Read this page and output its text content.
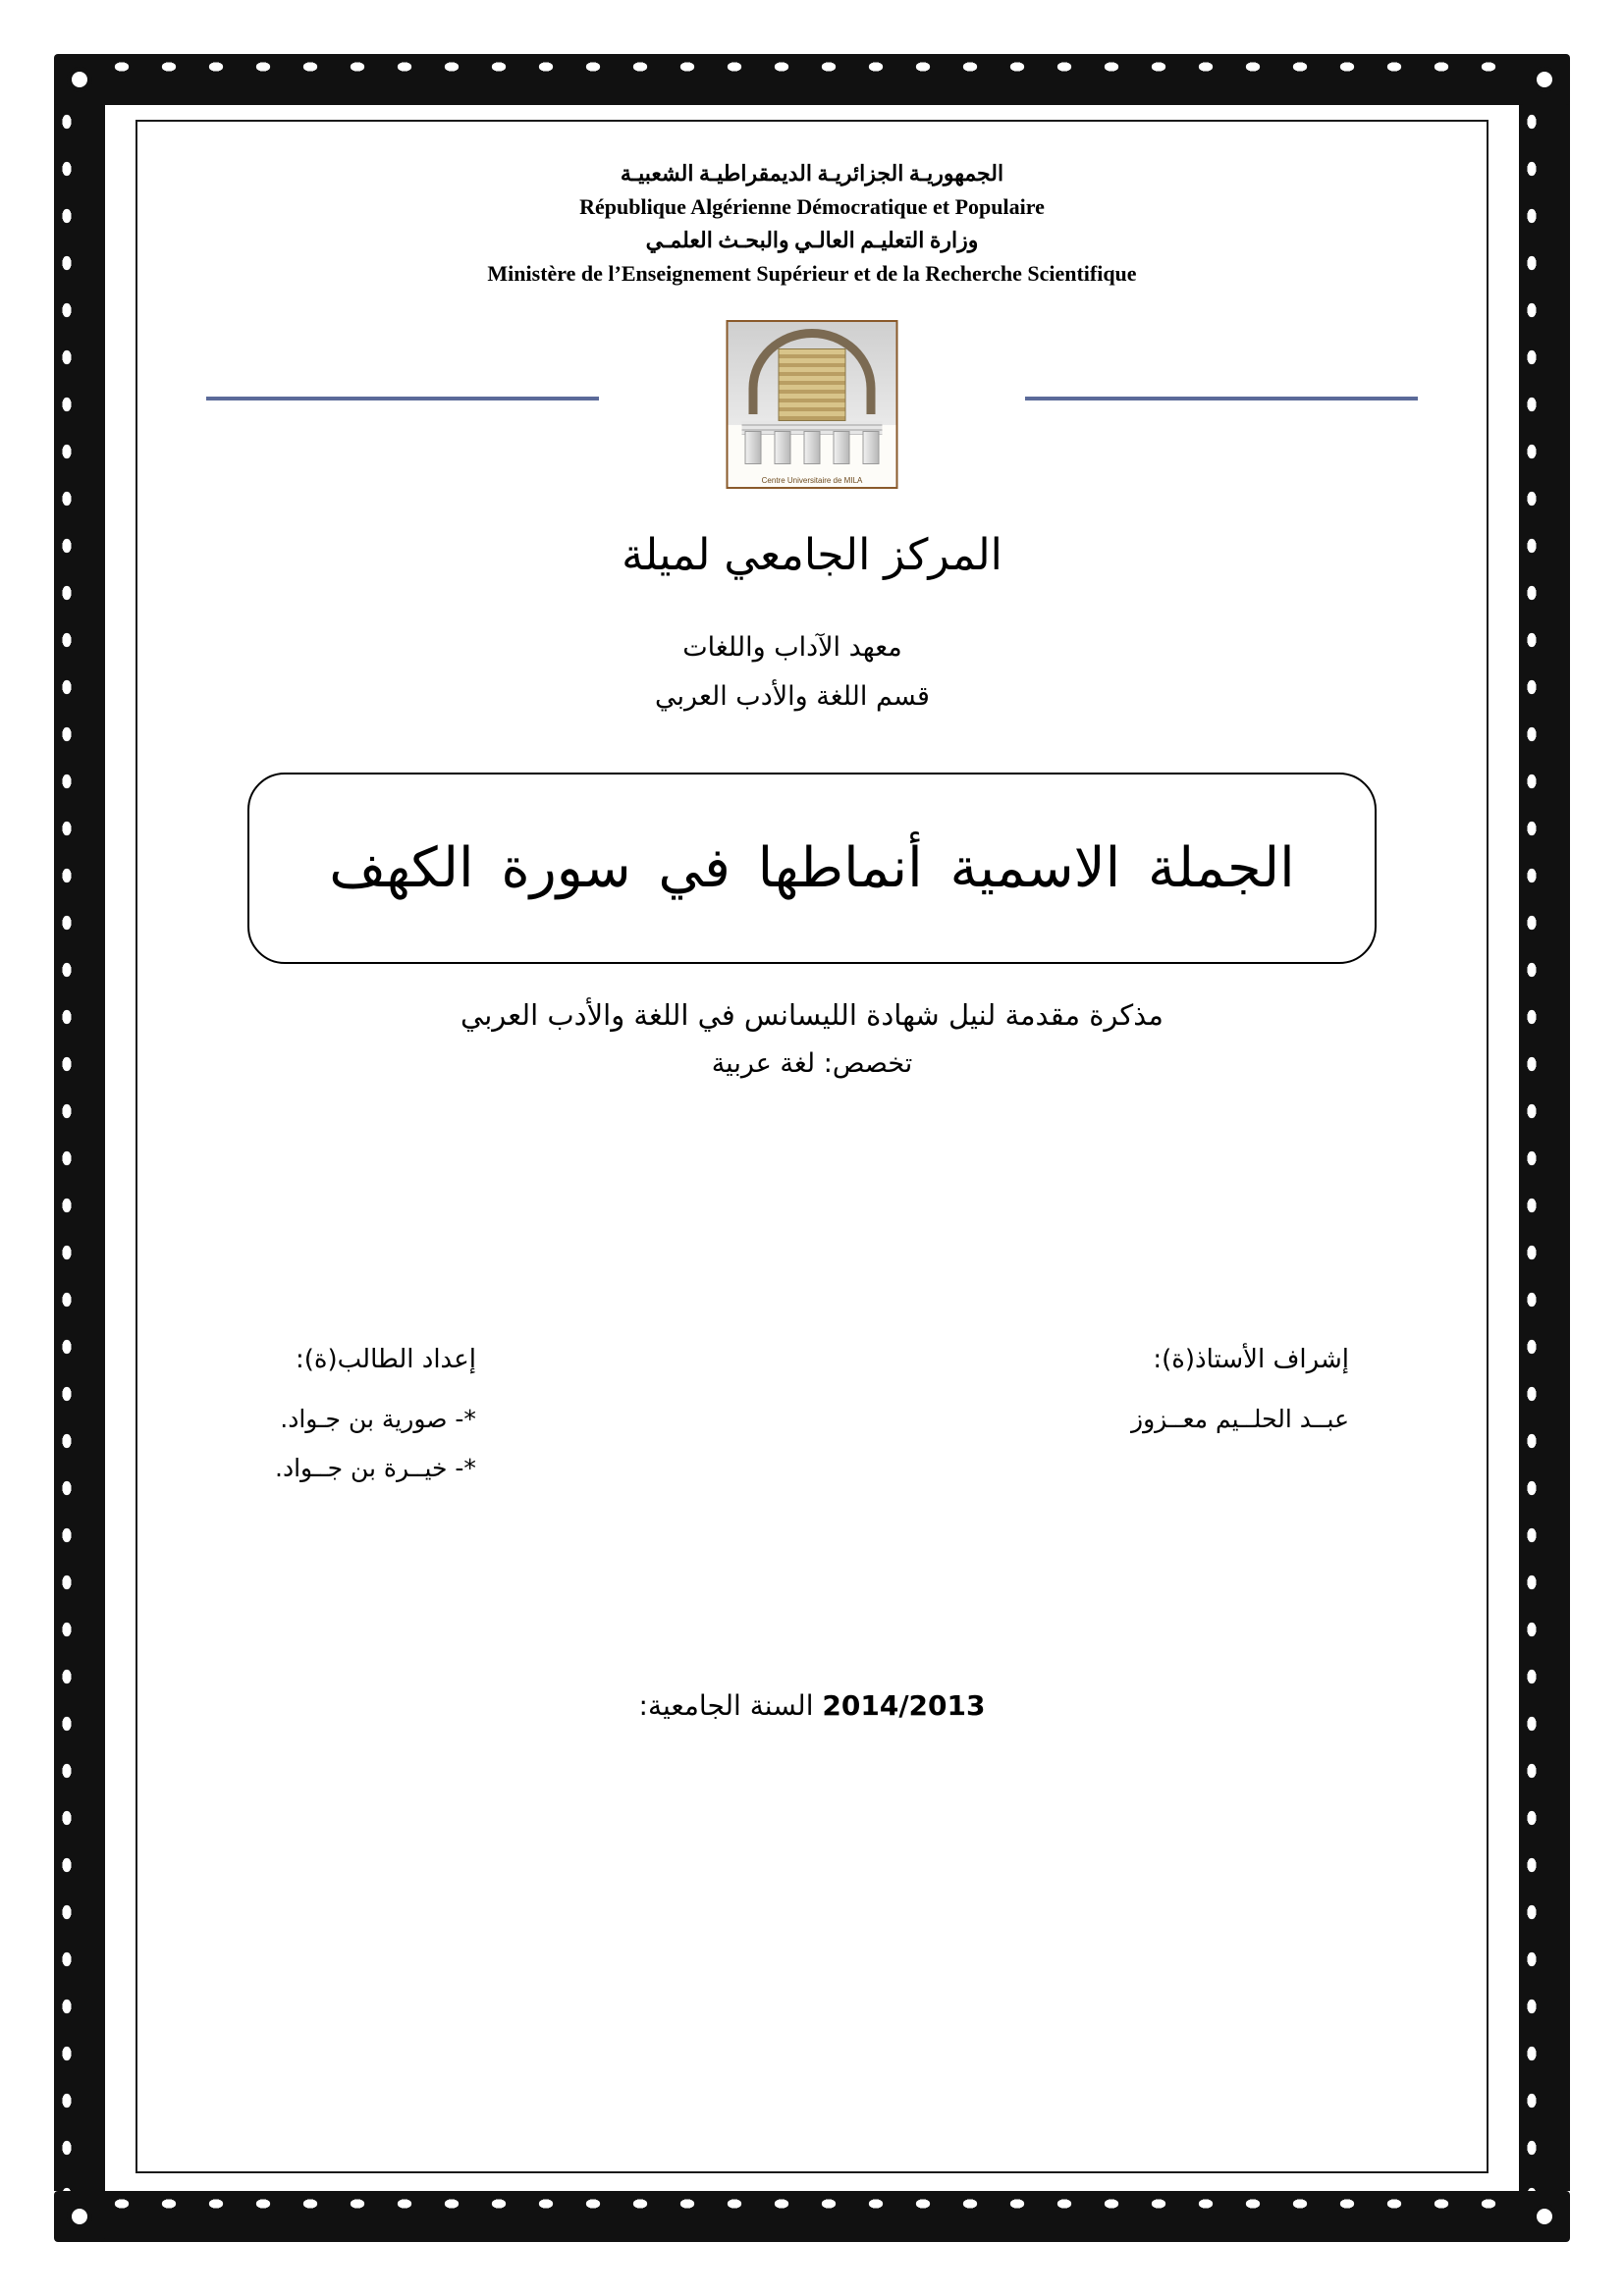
الجمهوريـة الجزائريـة الديمقراطيـة الشعبيـة
République Algérienne Démocratique et Populaire
وزارة التعليـم العالـي والبحـث العلمـي
Ministère de l’Enseignement Supérieur et de la Recherche Scientifique
Centre Universitaire de MILA
المركز الجامعي لميلة
معهد الآداب واللغات
قسم اللغة والأدب العربي
الجملة الاسمية أنماطها في سورة الكهف
مذكرة مقدمة لنيل شهادة الليسانس في اللغة والأدب العربي
تخصص: لغة عربية
إشراف الأستاذ(ة):
عبــد الحلــيم معــزوز
إعداد الطالب(ة):
*- صورية بن جـواد.
*- خيــرة بن جــواد.
2014/2013 السنة الجامعية:
